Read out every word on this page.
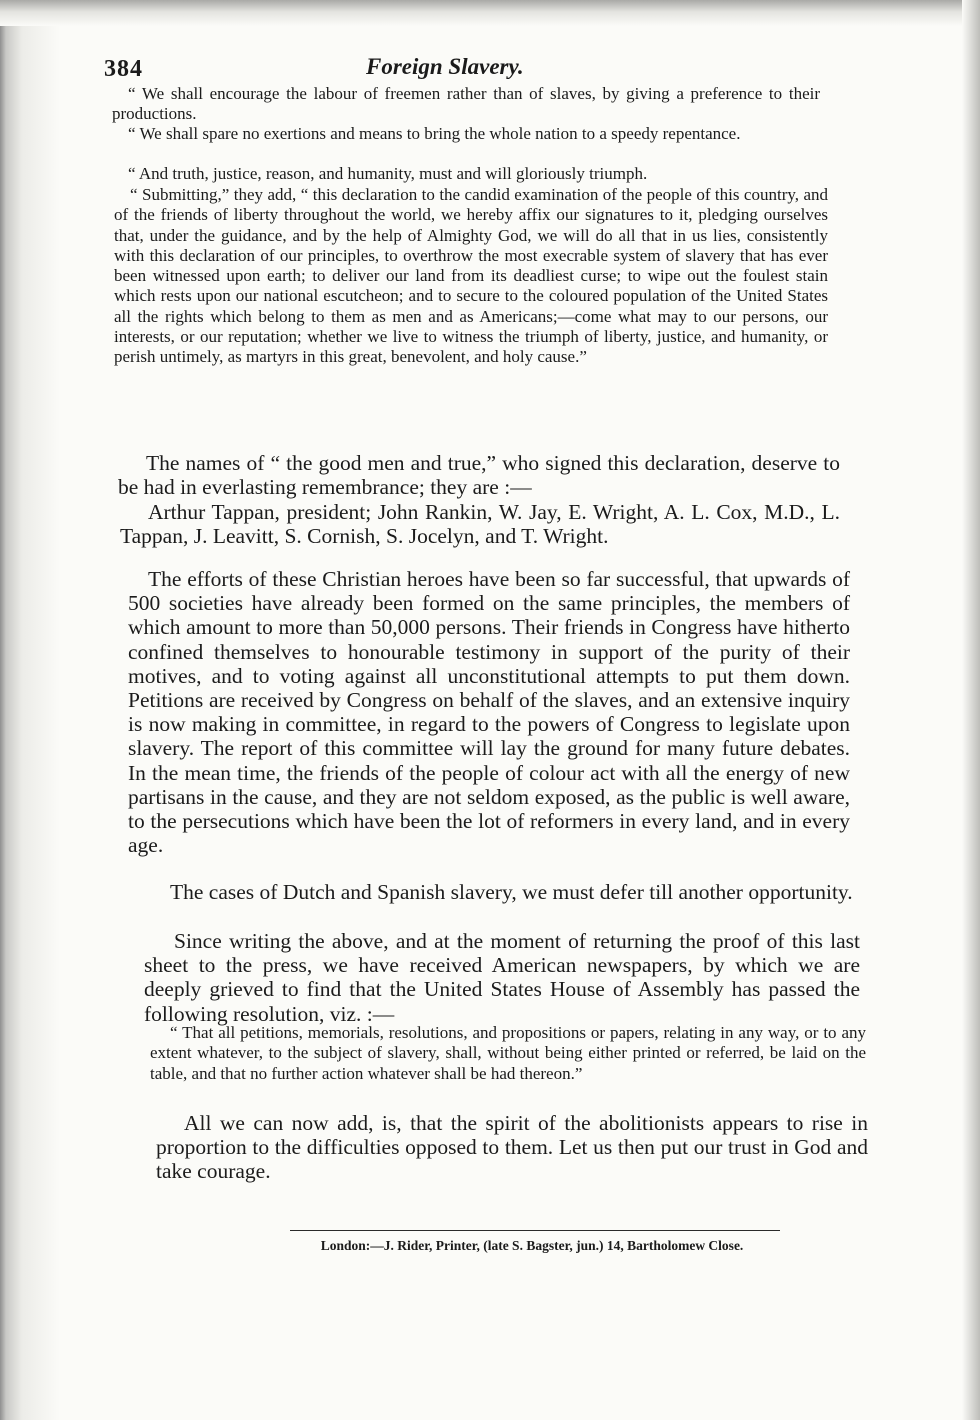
384	Foreign Slavery.

“ We shall encourage the labour of freemen rather than of slaves, by giving a preference to their productions.

“ We shall spare no exertions and means to bring the whole nation to a speedy repentance.

“ And truth, justice, reason, and humanity, must and will gloriously triumph.

“ Submitting,” they add, “ this declaration to the candid examination of the people of this country, and of the friends of liberty throughout the world, we hereby affix our signatures to it, pledging ourselves that, under the guidance, and by the help of Almighty God, we will do all that in us lies, consistently with this declaration of our principles, to overthrow the most execrable system of slavery that has ever been witnessed upon earth; to deliver our land from its deadliest curse; to wipe out the foulest stain which rests upon our national escutcheon; and to secure to the coloured population of the United States all the rights which belong to them as men and as Americans;—come what may to our persons, our interests, or our reputation; whether we live to witness the triumph of liberty, justice, and humanity, or perish untimely, as martyrs in this great, benevolent, and holy cause.”

The names of “ the good men and true,” who signed this declaration, deserve to be had in everlasting remembrance; they are :—

Arthur Tappan, president; John Rankin, W. Jay, E. Wright, A. L. Cox, M.D., L. Tappan, J. Leavitt, S. Cornish, S. Jocelyn, and T. Wright.

The efforts of these Christian heroes have been so far successful, that upwards of 500 societies have already been formed on the same principles, the members of which amount to more than 50,000 persons. Their friends in Congress have hitherto confined themselves to honourable testimony in support of the purity of their motives, and to voting against all unconstitutional attempts to put them down. Petitions are received by Congress on behalf of the slaves, and an extensive inquiry is now making in committee, in regard to the powers of Congress to legislate upon slavery. The report of this committee will lay the ground for many future debates. In the mean time, the friends of the people of colour act with all the energy of new partisans in the cause, and they are not seldom exposed, as the public is well aware, to the persecutions which have been the lot of reformers in every land, and in every age.

The cases of Dutch and Spanish slavery, we must defer till another opportunity.

Since writing the above, and at the moment of returning the proof of this last sheet to the press, we have received American newspapers, by which we are deeply grieved to find that the United States House of Assembly has passed the following resolution, viz. :—

“ That all petitions, memorials, resolutions, and propositions or papers, relating in any way, or to any extent whatever, to the subject of slavery, shall, without being either printed or referred, be laid on the table, and that no further action whatever shall be had thereon.”

All we can now add, is, that the spirit of the abolitionists appears to rise in proportion to the difficulties opposed to them. Let us then put our trust in God and take courage.

London:—J. Rider, Printer, (late S. Bagster, jun.) 14, Bartholomew Close.
